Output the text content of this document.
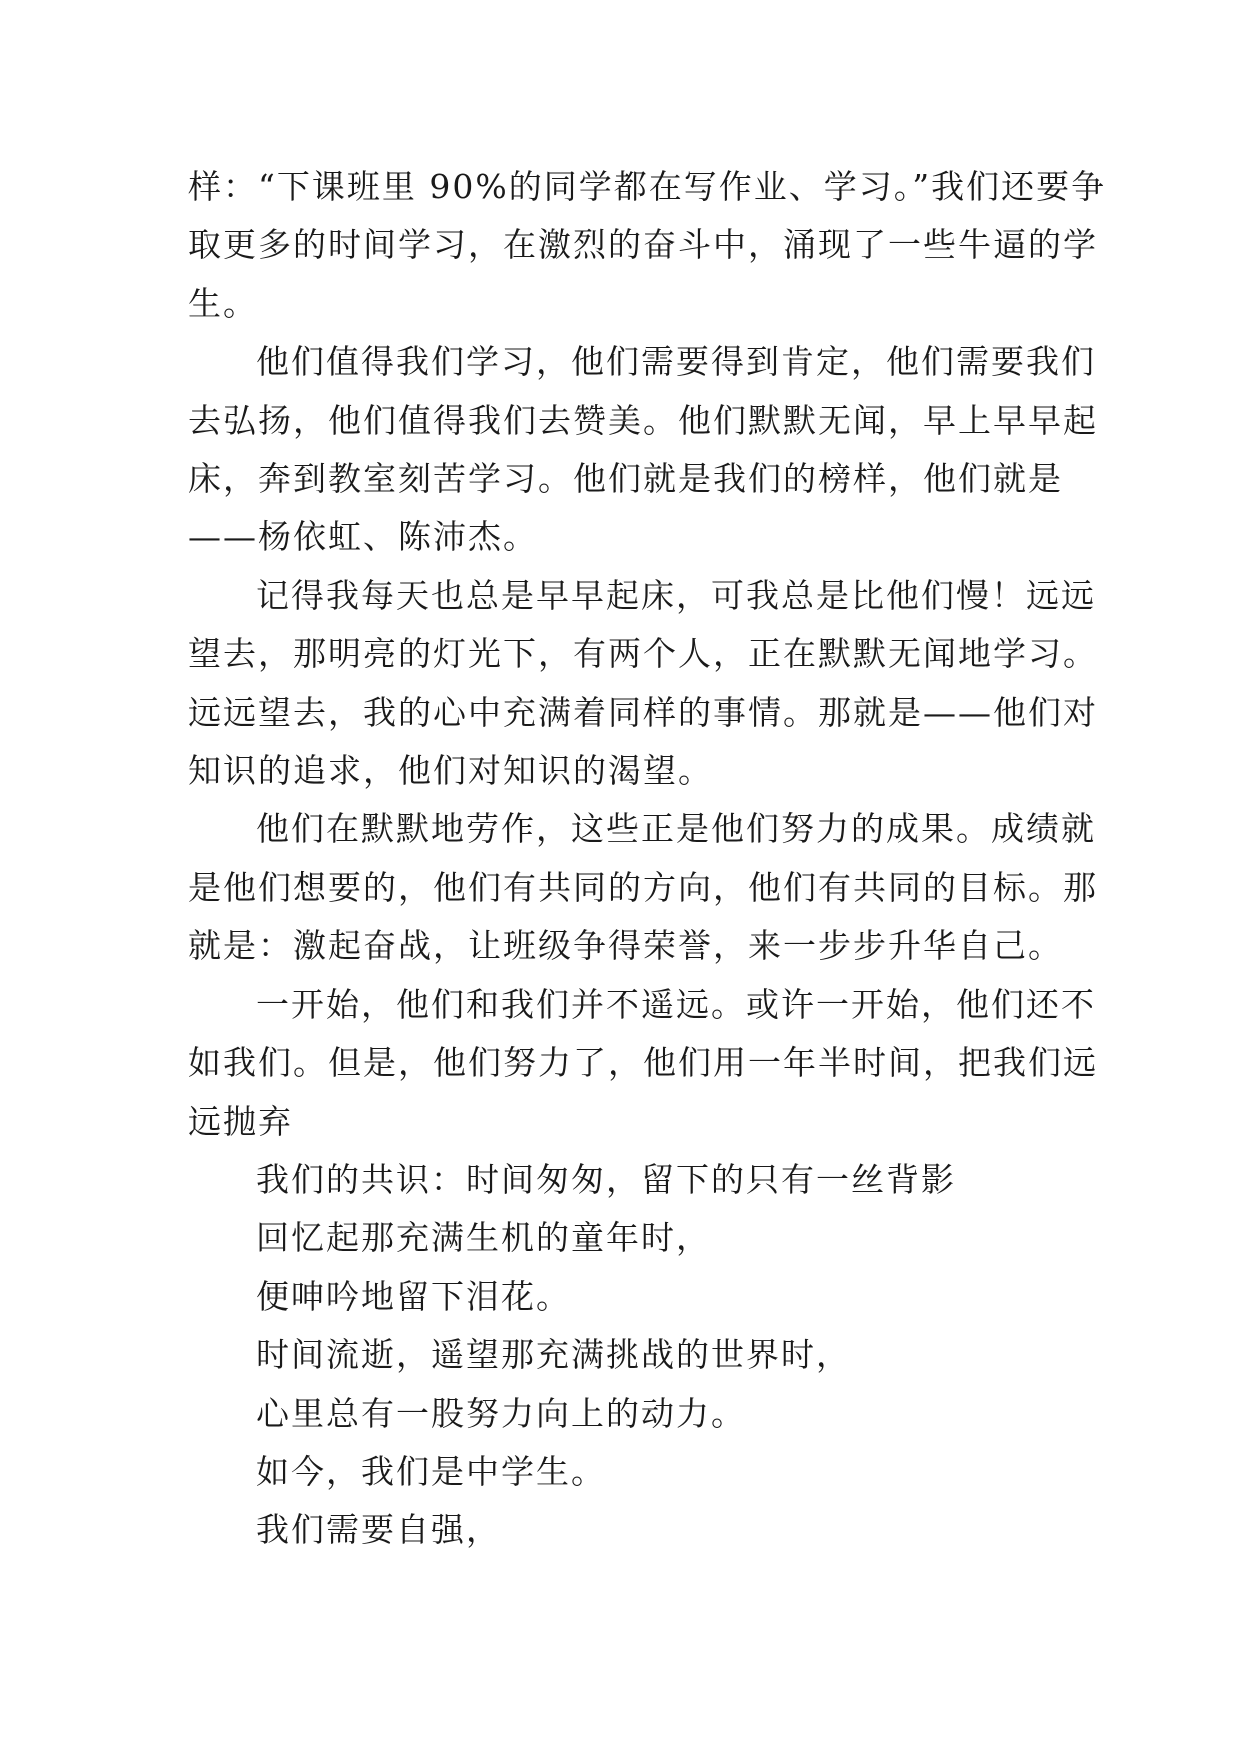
样：“下课班里 90%的同学都在写作业、学习。”我们还要争
取更多的时间学习，在激烈的奋斗中，涌现了一些牛逼的学
生。
他们值得我们学习，他们需要得到肯定，他们需要我们
去弘扬，他们值得我们去赞美。他们默默无闻，早上早早起
床，奔到教室刻苦学习。他们就是我们的榜样，他们就是
——杨依虹、陈沛杰。
记得我每天也总是早早起床，可我总是比他们慢！远远
望去，那明亮的灯光下，有两个人，正在默默无闻地学习。
远远望去，我的心中充满着同样的事情。那就是——他们对
知识的追求，他们对知识的渴望。
他们在默默地劳作，这些正是他们努力的成果。成绩就
是他们想要的，他们有共同的方向，他们有共同的目标。那
就是：激起奋战，让班级争得荣誉，来一步步升华自己。
一开始，他们和我们并不遥远。或许一开始，他们还不
如我们。但是，他们努力了，他们用一年半时间，把我们远
远抛弃
我们的共识：时间匆匆，留下的只有一丝背影
回忆起那充满生机的童年时，
便呻吟地留下泪花。
时间流逝，遥望那充满挑战的世界时，
心里总有一股努力向上的动力。
如今，我们是中学生。
我们需要自强，
